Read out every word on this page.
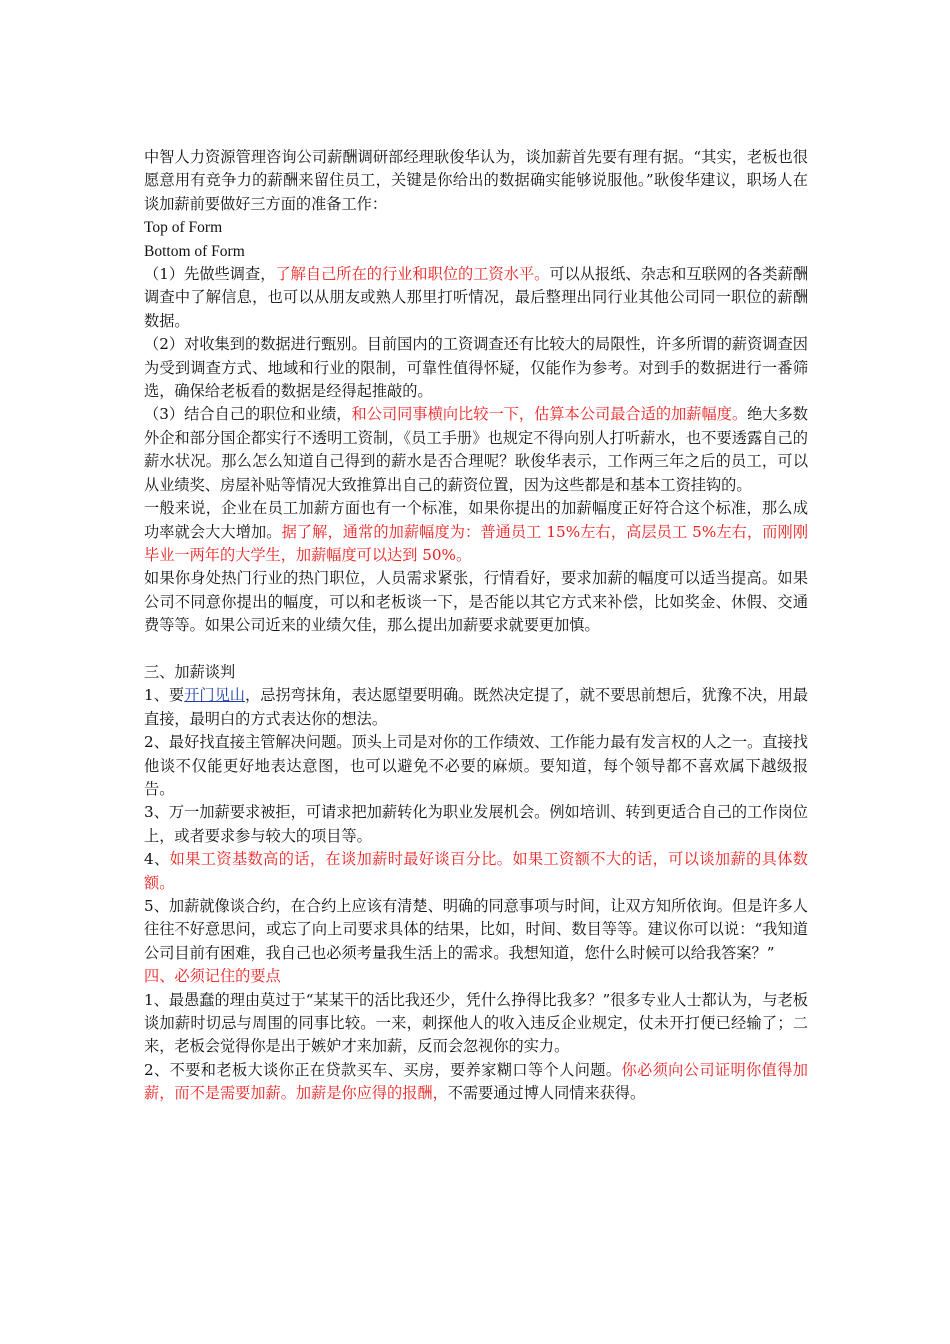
中智人力资源管理咨询公司薪酬调研部经理耿俊华认为，谈加薪首先要有理有据。“其实，老板也很愿意用有竞争力的薪酬来留住员工，关键是你给出的数据确实能够说服他。”耿俊华建议，职场人在谈加薪前要做好三方面的准备工作：

Top of Form

Bottom of Form

（1）先做些调查，了解自己所在的行业和职位的工资水平。可以从报纸、杂志和互联网的各类薪酬调查中了解信息，也可以从朋友或熟人那里打听情况，最后整理出同行业其他公司同一职位的薪酬数据。

（2）对收集到的数据进行甄别。目前国内的工资调查还有比较大的局限性，许多所谓的薪资调查因为受到调查方式、地域和行业的限制，可靠性值得怀疑，仅能作为参考。对到手的数据进行一番筛选，确保给老板看的数据是经得起推敲的。

（3）结合自己的职位和业绩，和公司同事横向比较一下，估算本公司最合适的加薪幅度。绝大多数外企和部分国企都实行不透明工资制，《员工手册》也规定不得向别人打听薪水，也不要透露自己的薪水状况。那么怎么知道自己得到的薪水是否合理呢？耿俊华表示，工作两三年之后的员工，可以从业绩奖、房屋补贴等情况大致推算出自己的薪资位置，因为这些都是和基本工资挂钩的。

一般来说，企业在员工加薪方面也有一个标准，如果你提出的加薪幅度正好符合这个标准，那么成功率就会大大增加。据了解，通常的加薪幅度为：普通员工 15%左右，高层员工 5%左右，而刚刚毕业一两年的大学生，加薪幅度可以达到 50%。

如果你身处热门行业的热门职位，人员需求紧张，行情看好，要求加薪的幅度可以适当提高。如果公司不同意你提出的幅度，可以和老板谈一下，是否能以其它方式来补偿，比如奖金、休假、交通费等等。如果公司近来的业绩欠佳，那么提出加薪要求就要更加慎。

三、加薪谈判

1、要开门见山，忌拐弯抹角，表达愿望要明确。既然决定提了，就不要思前想后，犹豫不决，用最直接，最明白的方式表达你的想法。

2、最好找直接主管解决问题。顶头上司是对你的工作绩效、工作能力最有发言权的人之一。直接找他谈不仅能更好地表达意图，也可以避免不必要的麻烦。要知道，每个领导都不喜欢属下越级报告。

3、万一加薪要求被拒，可请求把加薪转化为职业发展机会。例如培训、转到更适合自己的工作岗位上，或者要求参与较大的项目等。

4、如果工资基数高的话，在谈加薪时最好谈百分比。如果工资额不大的话，可以谈加薪的具体数额。

5、加薪就像谈合约，在合约上应该有清楚、明确的同意事项与时间，让双方知所依询。但是许多人往往不好意思问，或忘了向上司要求具体的结果，比如，时间、数目等等。建议你可以说：“我知道公司目前有困难，我自己也必须考量我生活上的需求。我想知道，您什么时候可以给我答案？”

四、必须记住的要点

1、最愚蠢的理由莫过于“某某干的活比我还少，凭什么挣得比我多？”很多专业人士都认为，与老板谈加薪时切忌与周围的同事比较。一来，刺探他人的收入违反企业规定，仗未开打便已经输了；二来，老板会觉得你是出于嫉妒才来加薪，反而会忽视你的实力。

2、不要和老板大谈你正在贷款买车、买房，要养家糊口等个人问题。你必须向公司证明你值得加薪，而不是需要加薪。加薪是你应得的报酬，不需要通过博人同情来获得。
